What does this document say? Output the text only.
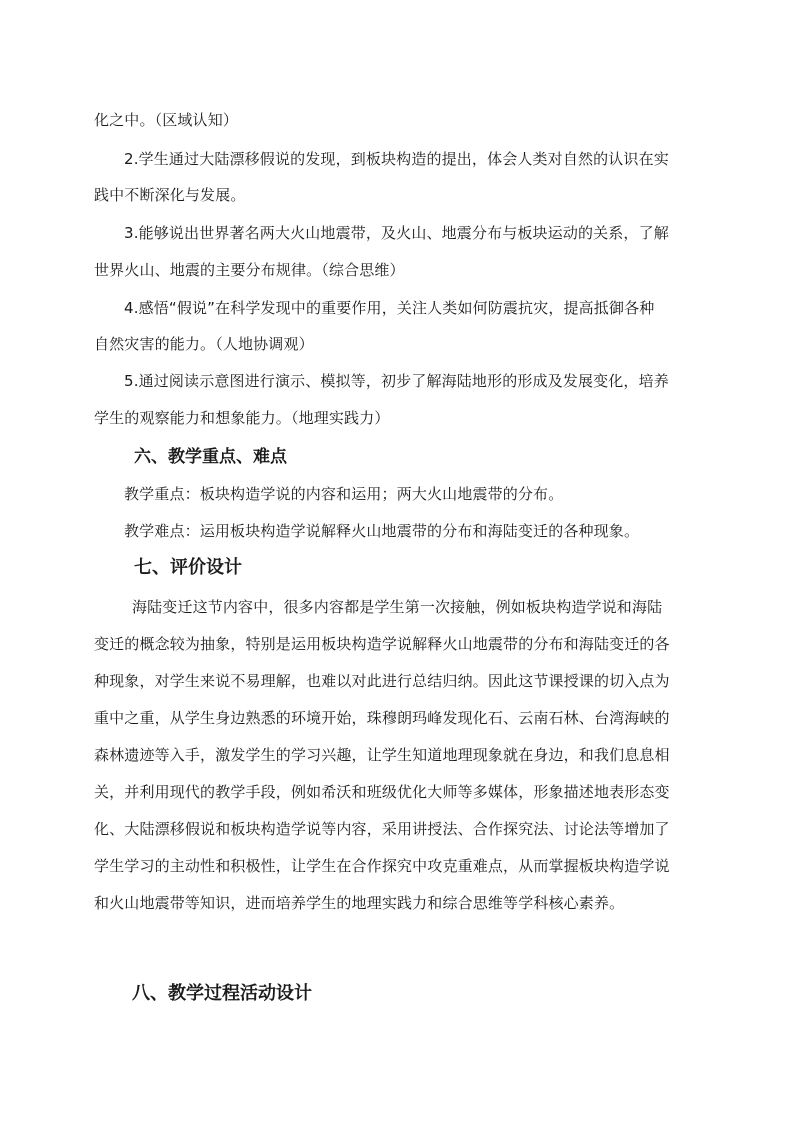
化之中。（区域认知）
2.学生通过大陆漂移假说的发现，到板块构造的提出，体会人类对自然的认识在实
践中不断深化与发展。
3.能够说出世界著名两大火山地震带，及火山、地震分布与板块运动的关系，了解
世界火山、地震的主要分布规律。（综合思维）
4.感悟“假说”在科学发现中的重要作用，关注人类如何防震抗灾，提高抵御各种
自然灾害的能力。（人地协调观）
5.通过阅读示意图进行演示、模拟等，初步了解海陆地形的形成及发展变化，培养
学生的观察能力和想象能力。（地理实践力）
六、教学重点、难点
教学重点：板块构造学说的内容和运用；两大火山地震带的分布。
教学难点：运用板块构造学说解释火山地震带的分布和海陆变迁的各种现象。
七、评价设计
海陆变迁这节内容中，很多内容都是学生第一次接触，例如板块构造学说和海陆
变迁的概念较为抽象，特别是运用板块构造学说解释火山地震带的分布和海陆变迁的各
种现象，对学生来说不易理解，也难以对此进行总结归纳。因此这节课授课的切入点为
重中之重，从学生身边熟悉的环境开始，珠穆朗玛峰发现化石、云南石林、台湾海峡的
森林遗迹等入手，激发学生的学习兴趣，让学生知道地理现象就在身边，和我们息息相
关，并利用现代的教学手段，例如希沃和班级优化大师等多媒体，形象描述地表形态变
化、大陆漂移假说和板块构造学说等内容，采用讲授法、合作探究法、讨论法等增加了
学生学习的主动性和积极性，让学生在合作探究中攻克重难点，从而掌握板块构造学说
和火山地震带等知识，进而培养学生的地理实践力和综合思维等学科核心素养。
八、教学过程活动设计
